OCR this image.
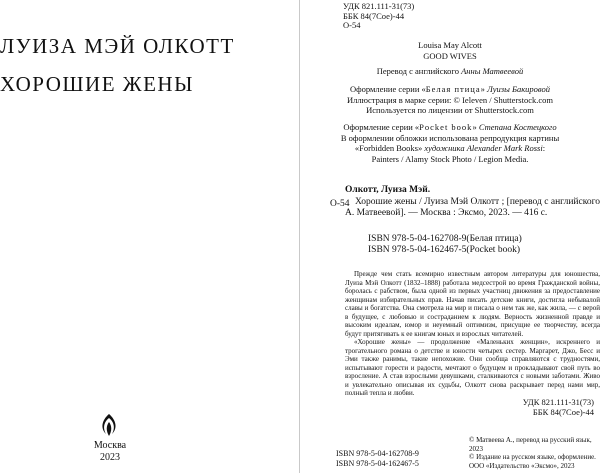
ЛУИЗА МЭЙ ОЛКОТТ
ХОРОШИЕ ЖЕНЫ
Москва
2023
УДК 821.111-31(73)
ББК 84(7Сое)-44
О-54
Louisa May Alcott
GOOD WIVES
Перевод с английского Анны Матвеевой
Оформление серии «Белая птица» Луизы Бакировой
Иллюстрация в марке серии: © Ieleven / Shutterstock.com
Используется по лицензии от Shutterstock.com
Оформление серии «Pocket book» Степана Костецкого
В оформлении обложки использована репродукция картины
«Forbidden Books» художника Alexander Mark Rossi:
Painters / Alamy Stock Photo / Legion Media.
О-54
Олкотт, Луиза Мэй.
Хорошие жены / Луиза Мэй Олкотт ; [перевод с английского А. Матвеевой]. — Москва : Эксмо, 2023. — 416 с.
ISBN 978-5-04-162708-9(Белая птица)
ISBN 978-5-04-162467-5(Pocket book)
Прежде чем стать всемирно известным автором литературы для юношества, Луиза Мэй Олкотт (1832–1888) работала медсестрой во время Гражданской войны, боролась с рабством, была одной из первых участниц движения за предоставление женщинам избирательных прав. Начав писать детские книги, достигла небывалой славы и богатства. Она смотрела на мир и писала о нем так же, как жила, — с верой в будущее, с любовью и состраданием к людям. Верность жизненной правде и высоким идеалам, юмор и неуемный оптимизм, присущие ее творчеству, всегда будут притягивать к ее книгам юных и взрослых читателей.
«Хорошие жены» — продолжение «Маленьких женщин», искреннего и трогательного романа о детстве и юности четырех сестер. Маргарет, Джо, Бесс и Эми также ранимы, такие непохожие. Они сообща справляются с трудностями, испытывают горести и радости, мечтают о будущем и прокладывают свой путь во взросление. А став взрослыми девушками, сталкиваются с новыми заботами. Живо и увлекательно описывая их судьбы, Олкотт снова раскрывает перед нами мир, полный тепла и любви.
УДК 821.111-31(73)
ББК 84(7Сое)-44
ISBN 978-5-04-162708-9
ISBN 978-5-04-162467-5
© Матвеева А., перевод на русский язык, 2023
© Издание на русском языке, оформление. ООО «Издательство «Эксмо», 2023
